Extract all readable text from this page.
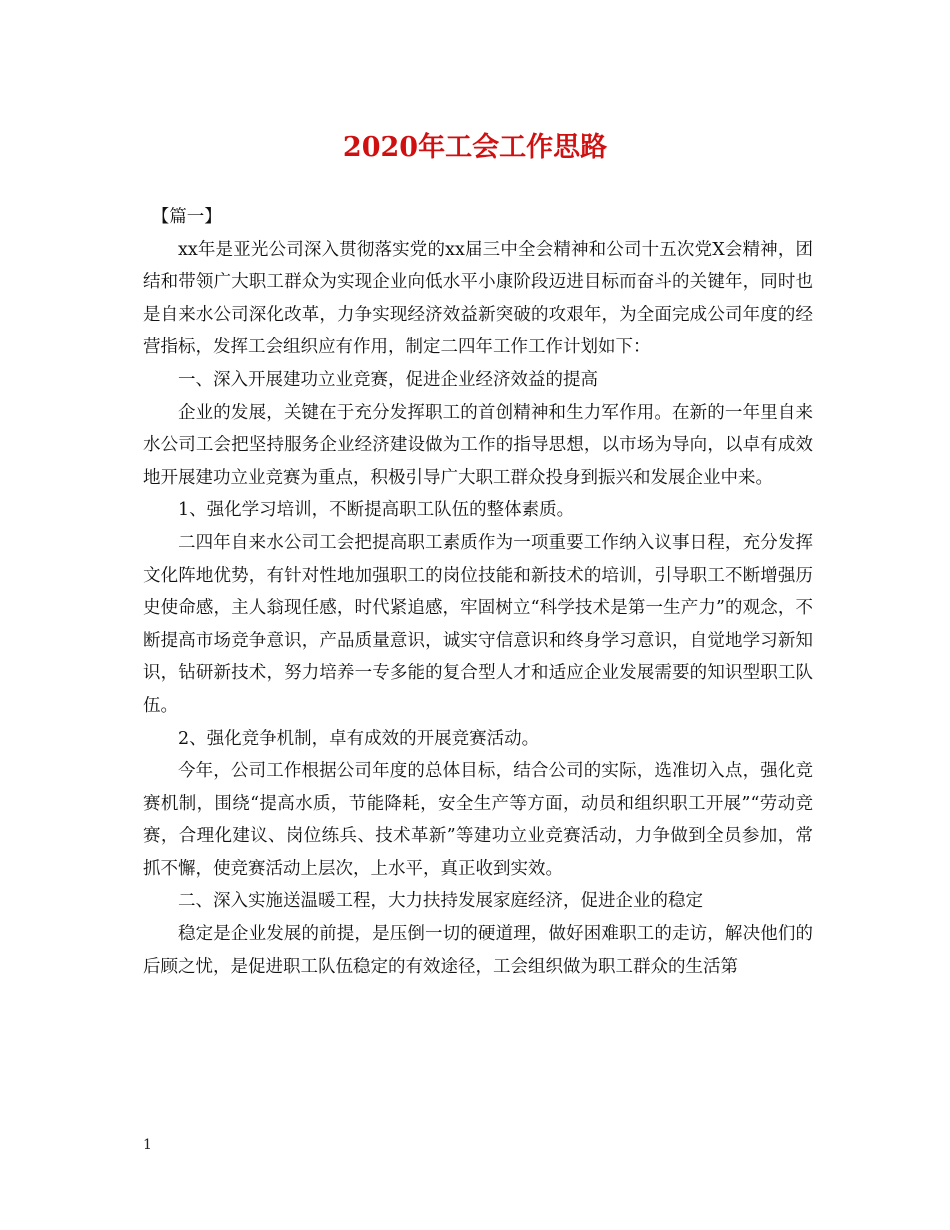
2020年工会工作思路

【篇一】

xx年是亚光公司深入贯彻落实党的xx届三中全会精神和公司十五次党X会精神，团结和带领广大职工群众为实现企业向低水平小康阶段迈进目标而奋斗的关键年，同时也是自来水公司深化改革，力争实现经济效益新突破的攻艰年，为全面完成公司年度的经营指标，发挥工会组织应有作用，制定二四年工作工作计划如下：

一、深入开展建功立业竞赛，促进企业经济效益的提高

企业的发展，关键在于充分发挥职工的首创精神和生力军作用。在新的一年里自来水公司工会把坚持服务企业经济建设做为工作的指导思想，以市场为导向，以卓有成效地开展建功立业竞赛为重点，积极引导广大职工群众投身到振兴和发展企业中来。

1、强化学习培训，不断提高职工队伍的整体素质。

二四年自来水公司工会把提高职工素质作为一项重要工作纳入议事日程，充分发挥文化阵地优势，有针对性地加强职工的岗位技能和新技术的培训，引导职工不断增强历史使命感，主人翁现任感，时代紧追感，牢固树立“科学技术是第一生产力”的观念，不断提高市场竞争意识，产品质量意识，诚实守信意识和终身学习意识，自觉地学习新知识，钻研新技术，努力培养一专多能的复合型人才和适应企业发展需要的知识型职工队伍。

2、强化竞争机制，卓有成效的开展竞赛活动。

今年，公司工作根据公司年度的总体目标，结合公司的实际，选准切入点，强化竞赛机制，围绕“提高水质，节能降耗，安全生产等方面，动员和组织职工开展”“劳动竞赛，合理化建议、岗位练兵、技术革新”等建功立业竞赛活动，力争做到全员参加，常抓不懈，使竞赛活动上层次，上水平，真正收到实效。

二、深入实施送温暖工程，大力扶持发展家庭经济，促进企业的稳定

稳定是企业发展的前提，是压倒一切的硬道理，做好困难职工的走访，解决他们的后顾之忧，是促进职工队伍稳定的有效途径，工会组织做为职工群众的生活第

1
